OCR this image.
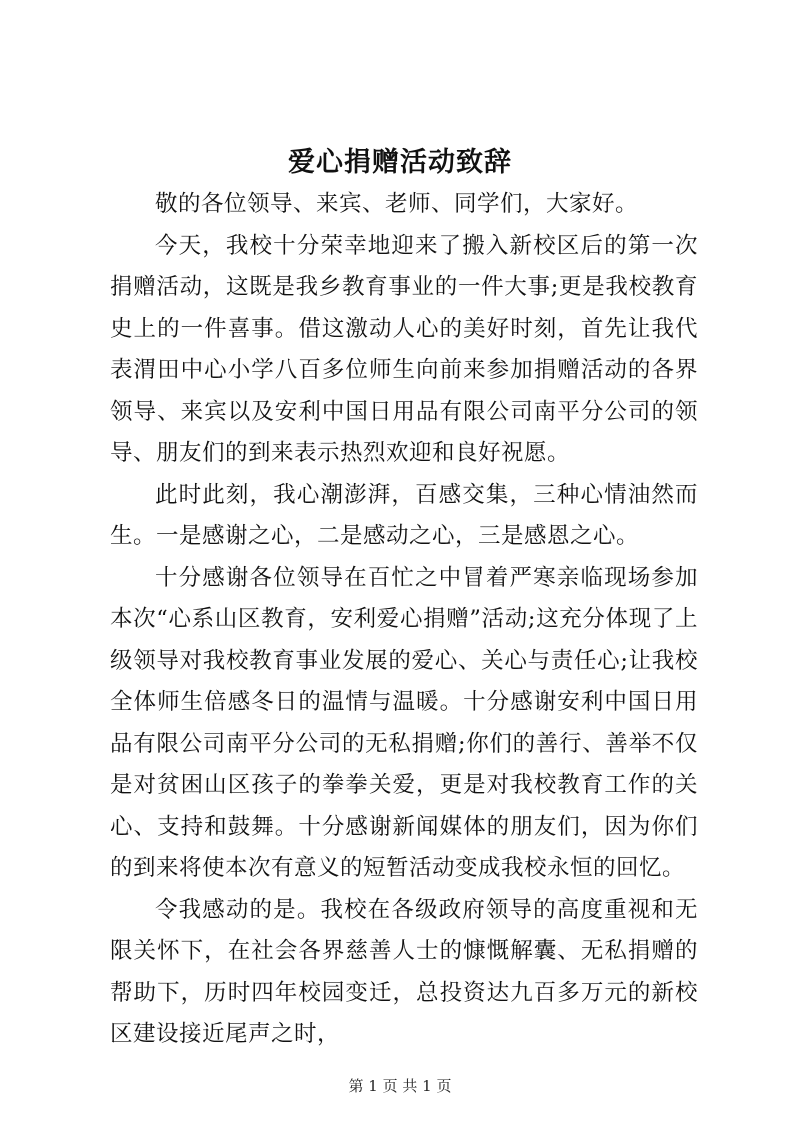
爱心捐赠活动致辞

敬的各位领导、来宾、老师、同学们，大家好。

今天，我校十分荣幸地迎来了搬入新校区后的第一次捐赠活动，这既是我乡教育事业的一件大事;更是我校教育史上的一件喜事。借这激动人心的美好时刻，首先让我代表渭田中心小学八百多位师生向前来参加捐赠活动的各界领导、来宾以及安利中国日用品有限公司南平分公司的领导、朋友们的到来表示热烈欢迎和良好祝愿。

此时此刻，我心潮澎湃，百感交集，三种心情油然而生。一是感谢之心，二是感动之心，三是感恩之心。

十分感谢各位领导在百忙之中冒着严寒亲临现场参加本次“心系山区教育，安利爱心捐赠”活动;这充分体现了上级领导对我校教育事业发展的爱心、关心与责任心;让我校全体师生倍感冬日的温情与温暖。十分感谢安利中国日用品有限公司南平分公司的无私捐赠;你们的善行、善举不仅是对贫困山区孩子的拳拳关爱，更是对我校教育工作的关心、支持和鼓舞。十分感谢新闻媒体的朋友们，因为你们的到来将使本次有意义的短暂活动变成我校永恒的回忆。

令我感动的是。我校在各级政府领导的高度重视和无限关怀下，在社会各界慈善人士的慷慨解囊、无私捐赠的帮助下，历时四年校园变迁，总投资达九百多万元的新校区建设接近尾声之时，

第 1 页 共 1 页
